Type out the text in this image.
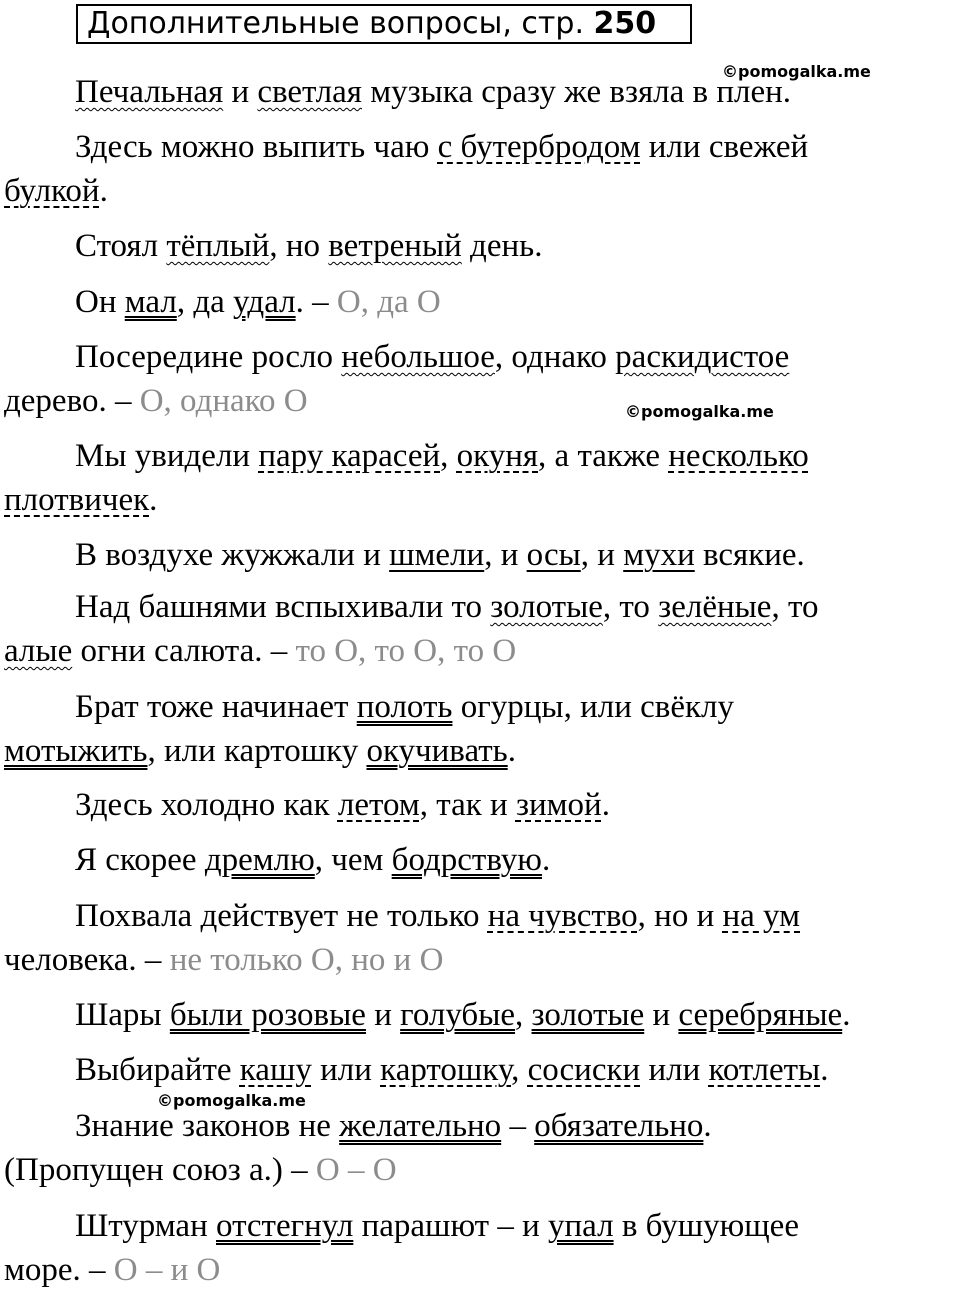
Дополнительные вопросы, стр. 250
©pomogalka.me
©pomogalka.me
©pomogalka.me
Печальная и светлая музыка сразу же взяла в плен.
Здесь можно выпить чаю с бутербродом или свежей
булкой.
Стоял тёплый, но ветреный день.
Он мал, да удал. – О, да О
Посередине росло небольшое, однако раскидистое
дерево. – О, однако О
Мы увидели пару карасей, окуня, а также несколько
плотвичек.
В воздухе жужжали и шмели, и осы, и мухи всякие.
Над башнями вспыхивали то золотые, то зелёные, то
алые огни салюта. – то О, то О, то О
Брат тоже начинает полоть огурцы, или свёклу
мотыжить, или картошку окучивать.
Здесь холодно как летом, так и зимой.
Я скорее дремлю, чем бодрствую.
Похвала действует не только на чувство, но и на ум
человека. – не только О, но и О
Шары были розовые и голубые, золотые и серебряные.
Выбирайте кашу или картошку, сосиски или котлеты.
Знание законов не желательно – обязательно.
(Пропущен союз а.) – О – О
Штурман отстегнул парашют – и упал в бушующее
море. – О – и О
